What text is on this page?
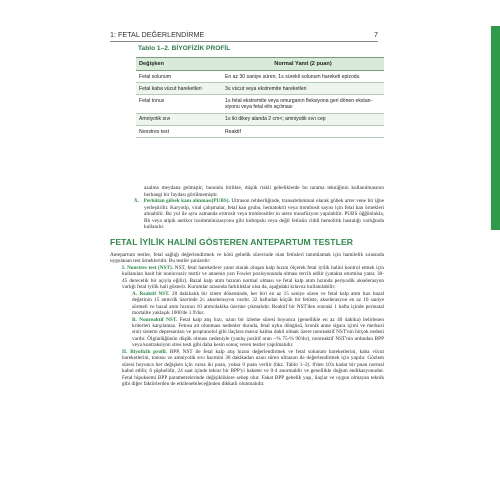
1: FETAL DEĞERLENDİRME	7
Tablo 1–2. BİYOFİZİK PROFİL
Değişken	Normal Yanıt (2 puan)
Fetal solunum	En az 30 saniye süren, 1≤ sürekli solunum hareketi epizodu
Fetal kaba vücut hareketleri	3≤ vücut veya ekstremite hareketleri
Fetal tonus	1≤ fetal ekstremite veya omurganın fleksiyona geri dönen ekstan-siyonu veya fetal elin açılması
Amniyotik sıvı	1≤ iki dikey alanda 2 cm<; amniyotik sıvı cep
Nonstres test	Reaktif

azalma meydana gelmiştir; bununla birlikte, düşük riskli gebeliklerde bu tarama tekniğinin kullanılmasının herhangi bir faydası görülmemiştir.

X. Perkütan göbek kanı alınması(PUBS). Ultrason rehberliğinde, transabdominal olarak göbek arter vene bir iğne yerleştirilir. Karyotip, viral çalışmalar, fetal kan grubu, hematokrit veya trombosit sayısı için fetal kan örnekleri alınabilir. Bu yol ile aynı zamanda eritrosit veya trombositler in utero transfüzyon yapılabilir. PUBS öğğünlukla, Rh veya atipik antikor izoimmünizasyonu gibi hidropslu veya değil fetüsün ciddi hemolitik hastalığı varlığında kullanılır.

FETAL İYİLİK HALİNİ GÖSTEREN ANTEPARTUM TESTLER

Antepartum testler, fetal sağlığı değerlendirmek ve kötü gebelik sürecinde olan fetüsleri tanımlamak için hamilelik sırasında uygulanan test örnekleridir. Bu testler şunlardır:

I. Nonstres test (NST). NST, fetal hareketlere yanıt olarak oluşan kalp hızını ölçerek fetal iyilik halini kontrol etmek için kullanılan basit bir noninvaziv testtir ve annenin yarı Fowler pozisyonunda olması tercih edilir (yatakta oturtulsa yatar, 30-45 derecelik bir açıyla eğilir). Bazal kalp atım hızının normal olması ve fetal kalp atım hızında periyodik akselerasyon varlığı fetal iyilik hali gösterir. Kurumlar arasında farklılıklar olsa da, aşağıdaki kılavuz kullanılabilir:

A. Reaktif NST. 20 dakikalık bir izlem döneminde, her biri en az 15 saniye süren ve fetal kalp atım hızı bazal değerinin 15 atım/dk üzerinde 2≤ akselerasyon vardır. 32 haftadan küçük bir fetüste, akselerasyon en az 10 saniye sürmeli ve bazal atım hızının 10 atım/dakika üzerine çıkmalıdır. Reaktif bir NST'den sonraki 1 hafta içinde perinatal mortalite yaklaşık 1000'de 1.9'dur.

B. Nonreaktif NST. Fetal kalp atış hızı, uzun bir izleme süresi boyunca (genellikle en az 40 dakika) belirlenen kriterleri karşılamaz. Fetusa ait olunması nedenler duruda, fetal uyku döngüsü, kronik anne sigara içimi ve merkezi sinir sistemi depresanları ve propranolol gibi ilaçlara maruz kalma dahil olmak üzere nonreaktif NST'nin birçok nedeni vardır. Ölgünlüğünün düşük olması nedeniyle (yanlış pozitif oran ~% 75-% 90'dır), nonreaktif NST'nin ardından BPP veya kontraksiyon stres testi gibi daha kesin sonuç veren testler yapılmalıdır.

II. Biyofizik profil. BPP, NST ile fetal kalp atış hızını değerlendirmek ve fetal solunum hareketlerini, kaba vücut hareketlerini, tonusu ve amniyotik sıvı hacmini 30 dakikadan uzun süren ultrason ile değerlendirmek için yapılır. Gözlem süresi boyunca her değişken için varsa iki puan, yoksa 0 puan verilir (bkz. Tablo 1–2). 8'den 10'a kadar bir puan normal kabul edilir, 6 şüphelidir, 24 saat içinde tekrar bir BPP'yi haketer ve 0-4 anormaldir ve genellikle doğum endikasyonudur. Fetal hipoksemi BPP parametrelerinde değişikliklere sebep olur. Fakat BPP gebelik yaşı, ilaçlar ve uygun olmayan teknik gibi diğer faktörlerden de etkilenebileceğinden dikkatli olunmalıdır.
